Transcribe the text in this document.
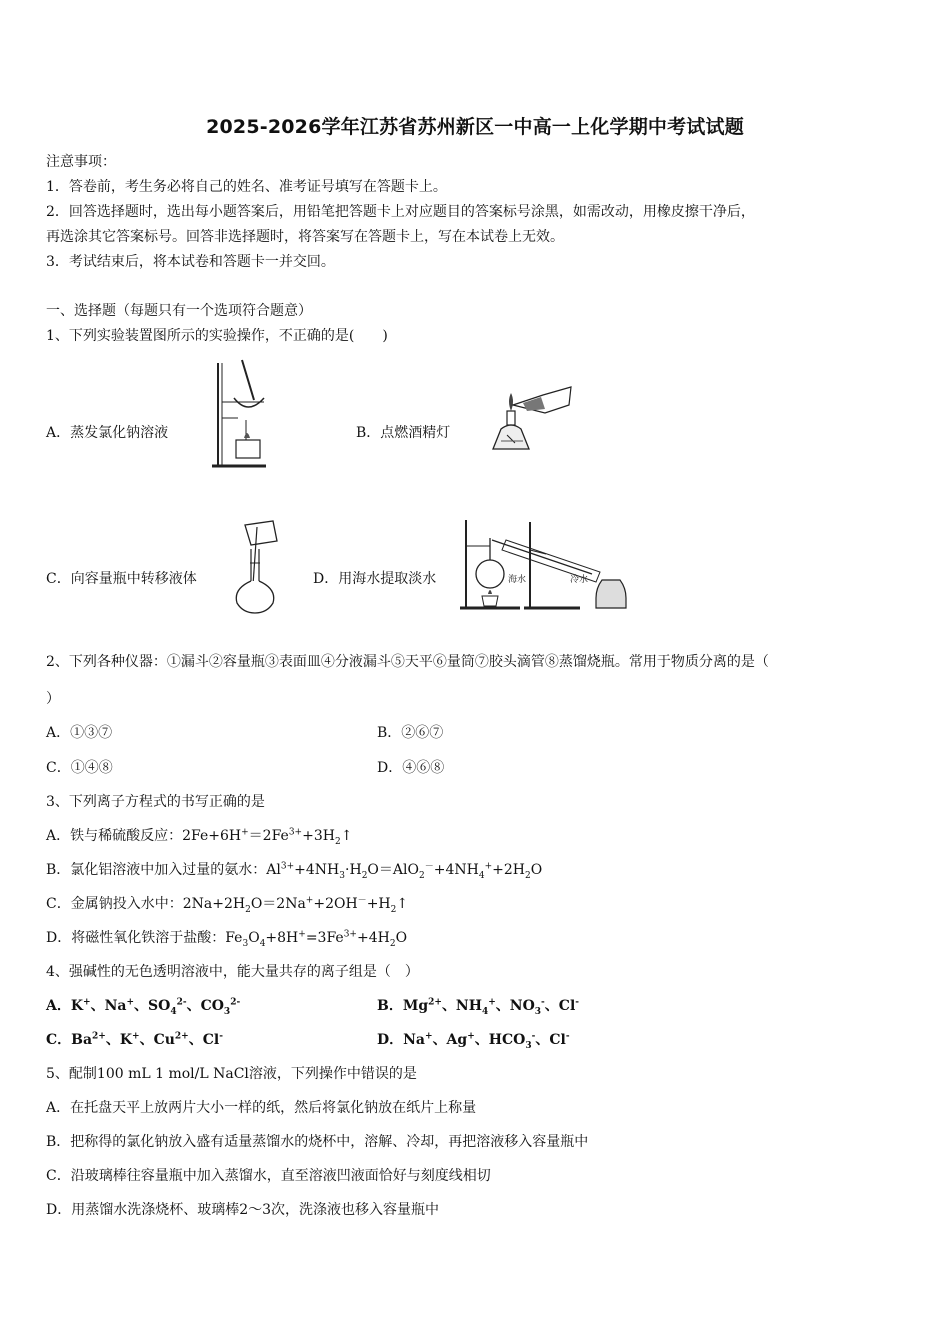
2025-2026学年江苏省苏州新区一中高一上化学期中考试试题
注意事项：
1．答卷前，考生务必将自己的姓名、准考证号填写在答题卡上。
2．回答选择题时，选出每小题答案后，用铅笔把答题卡上对应题目的答案标号涂黑，如需改动，用橡皮擦干净后，
再选涂其它答案标号。回答非选择题时，将答案写在答题卡上，写在本试卷上无效。
3．考试结束后，将本试卷和答题卡一并交回。
一、选择题（每题只有一个选项符合题意）
1、下列实验装置图所示的实验操作，不正确的是(　　)
A．蒸发氯化钠溶液	B．点燃酒精灯
C．向容量瓶中转移液体	D．用海水提取淡水	海水	冷水
2、下列各种仪器：①漏斗②容量瓶③表面皿④分液漏斗⑤天平⑥量筒⑦胶头滴管⑧蒸馏烧瓶。常用于物质分离的是（
）
A．①③⑦	B．②⑥⑦
C．①④⑧	D．④⑥⑧
3、下列离子方程式的书写正确的是
A．铁与稀硫酸反应：$2Fe+6H^+=2Fe^{3+}+3H_2↑$
B．氯化铝溶液中加入过量的氨水：$Al^{3+}+4NH_3\cdot H_2O=AlO_2^-+4NH_4^++2H_2O$
C．金属钠投入水中：$2Na+2H_2O=2Na^++2OH^-+H_2↑$
D．将磁性氧化铁溶于盐酸：$Fe_3O_4+8H^+=3Fe^{3+}+4H_2O$
4、强碱性的无色透明溶液中，能大量共存的离子组是（　）
A．K+、Na+、$SO_4^{2-}$、$CO_3^{2-}$	B．$Mg^{2+}$、$NH_4^+$、$NO_3^-$、Cl-
C．$Ba^{2+}$、K+、$Cu^{2+}$、Cl-	D．Na+、Ag+、$HCO_3^-$、Cl-
5、配制100 mL 1 mol/L NaCl溶液，下列操作中错误的是
A．在托盘天平上放两片大小一样的纸，然后将氯化钠放在纸片上称量
B．把称得的氯化钠放入盛有适量蒸馏水的烧杯中，溶解、冷却，再把溶液移入容量瓶中
C．沿玻璃棒往容量瓶中加入蒸馏水，直至溶液凹液面恰好与刻度线相切
D．用蒸馏水洗涤烧杯、玻璃棒2～3次，洗涤液也移入容量瓶中
